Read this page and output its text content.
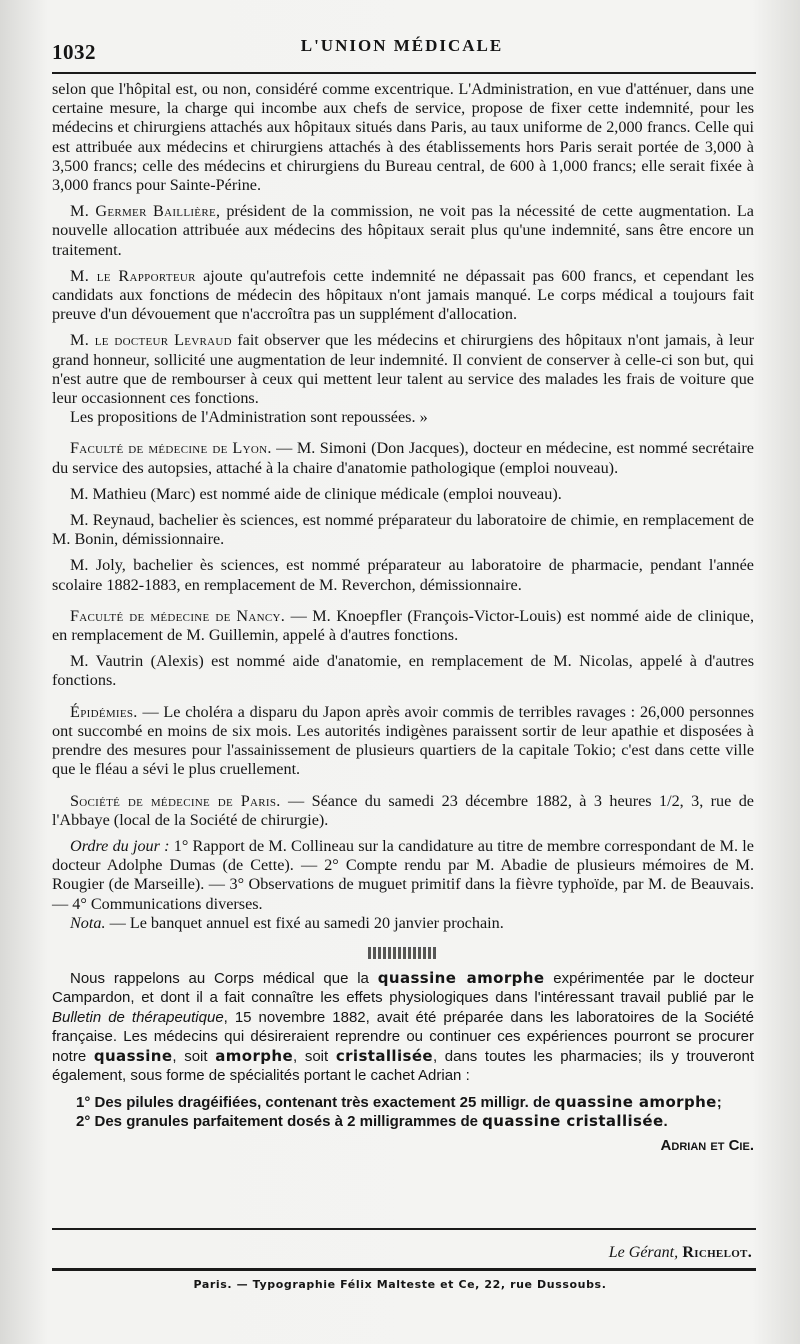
1032	L'UNION MÉDICALE

selon que l'hôpital est, ou non, considéré comme excentrique. L'Administration, en vue d'atténuer, dans une certaine mesure, la charge qui incombe aux chefs de service, propose de fixer cette indemnité, pour les médecins et chirurgiens attachés aux hôpitaux situés dans Paris, au taux uniforme de 2,000 francs. Celle qui est attribuée aux médecins et chirurgiens attachés à des établissements hors Paris serait portée de 3,000 à 3,500 francs; celle des médecins et chirurgiens du Bureau central, de 600 à 1,000 francs; elle serait fixée à 3,000 francs pour Sainte-Périne.

M. Germer Baillière, président de la commission, ne voit pas la nécessité de cette augmentation. La nouvelle allocation attribuée aux médecins des hôpitaux serait plus qu'une indemnité, sans être encore un traitement.

M. le Rapporteur ajoute qu'autrefois cette indemnité ne dépassait pas 600 francs, et cependant les candidats aux fonctions de médecin des hôpitaux n'ont jamais manqué. Le corps médical a toujours fait preuve d'un dévouement que n'accroîtra pas un supplément d'allocation.

M. le docteur Levraud fait observer que les médecins et chirurgiens des hôpitaux n'ont jamais, à leur grand honneur, sollicité une augmentation de leur indemnité. Il convient de conserver à celle-ci son but, qui n'est autre que de rembourser à ceux qui mettent leur talent au service des malades les frais de voiture que leur occasionnent ces fonctions.

Les propositions de l'Administration sont repoussées. »

Faculté de médecine de Lyon. — M. Simoni (Don Jacques), docteur en médecine, est nommé secrétaire du service des autopsies, attaché à la chaire d'anatomie pathologique (emploi nouveau).

M. Mathieu (Marc) est nommé aide de clinique médicale (emploi nouveau).

M. Reynaud, bachelier ès sciences, est nommé préparateur du laboratoire de chimie, en remplacement de M. Bonin, démissionnaire.

M. Joly, bachelier ès sciences, est nommé préparateur au laboratoire de pharmacie, pendant l'année scolaire 1882-1883, en remplacement de M. Reverchon, démissionnaire.

Faculté de médecine de Nancy. — M. Knoepfler (François-Victor-Louis) est nommé aide de clinique, en remplacement de M. Guillemin, appelé à d'autres fonctions.

M. Vautrin (Alexis) est nommé aide d'anatomie, en remplacement de M. Nicolas, appelé à d'autres fonctions.

Épidémies. — Le choléra a disparu du Japon après avoir commis de terribles ravages : 26,000 personnes ont succombé en moins de six mois. Les autorités indigènes paraissent sortir de leur apathie et disposées à prendre des mesures pour l'assainissement de plusieurs quartiers de la capitale Tokio; c'est dans cette ville que le fléau a sévi le plus cruellement.

Société de médecine de Paris. — Séance du samedi 23 décembre 1882, à 3 heures 1/2, 3, rue de l'Abbaye (local de la Société de chirurgie).

Ordre du jour : 1° Rapport de M. Collineau sur la candidature au titre de membre correspondant de M. le docteur Adolphe Dumas (de Cette). — 2° Compte rendu par M. Abadie de plusieurs mémoires de M. Rougier (de Marseille). — 3° Observations de muguet primitif dans la fièvre typhoïde, par M. de Beauvais. — 4° Communications diverses.

Nota. — Le banquet annuel est fixé au samedi 20 janvier prochain.

Nous rappelons au Corps médical que la quassine amorphe expérimentée par le docteur Campardon, et dont il a fait connaître les effets physiologiques dans l'intéressant travail publié par le Bulletin de thérapeutique, 15 novembre 1882, avait été préparée dans les laboratoires de la Société française. Les médecins qui désireraient reprendre ou continuer ces expériences pourront se procurer notre quassine, soit amorphe, soit cristallisée, dans toutes les pharmacies; ils y trouveront également, sous forme de spécialités portant le cachet Adrian :

1° Des pilules dragéifiées, contenant très exactement 25 milligr. de quassine amorphe;

2° Des granules parfaitement dosés à 2 milligrammes de quassine cristallisée.

Adrian et Cie.

Le Gérant, Richelot.
Paris. — Typographie Félix Malteste et Ce, 22, rue Dussoubs.
